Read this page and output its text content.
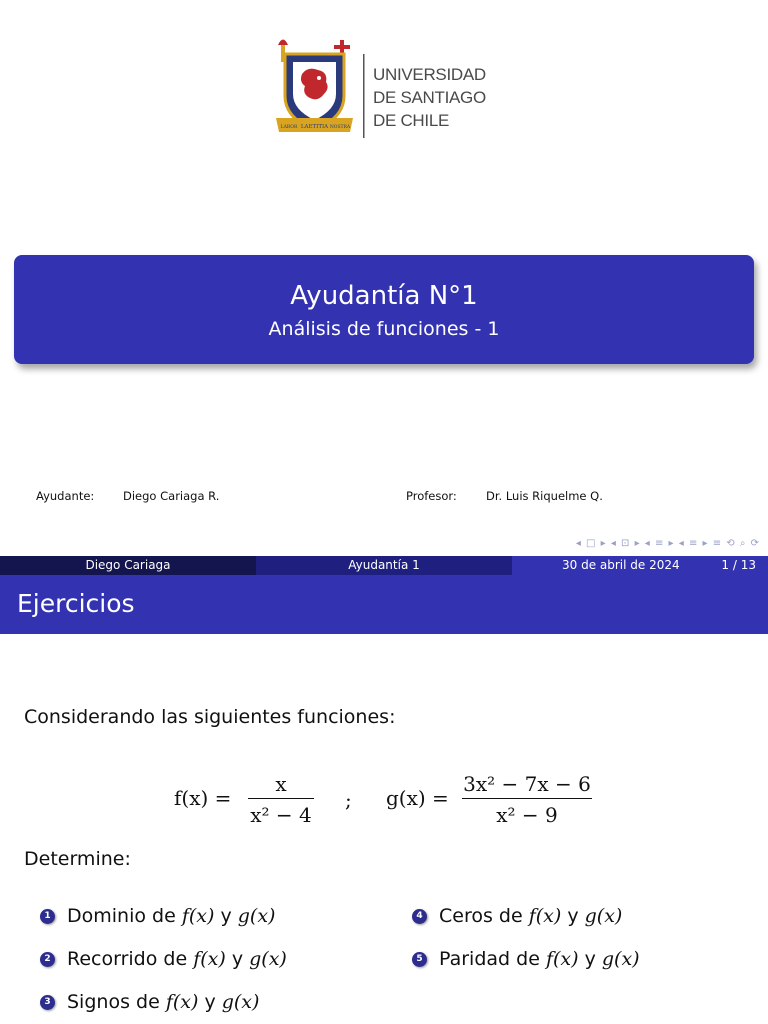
LAETITIA
LABOR	NOSTRA
UNIVERSIDAD
DE SANTIAGO
DE CHILE
Ayudantía N°1
Análisis de funciones - 1
Ayudante: Diego Cariaga R.	Profesor:	Dr. Luis Riquelme Q.
◂ □ ▸ ◂ ⊡ ▸ ◂ ≡ ▸ ◂ ≡ ▸ ≡ ⟲ ⌕ ⟳
Diego Cariaga	Ayudantía 1	30 de abril de 2024	1 / 13
Ejercicios
Considerando las siguientes funciones:
f(x) =
x
x² − 4
; g(x) =
3x² − 7x − 6
x² − 9
Determine:
1 Dominio de
f(x)
y
g(x)
2 Recorrido de
f(x)
y
g(x)
3 Signos de
f(x)
y
g(x)
4 Ceros de
f(x)
y
g(x)
5 Paridad de
f(x)
y
g(x)
